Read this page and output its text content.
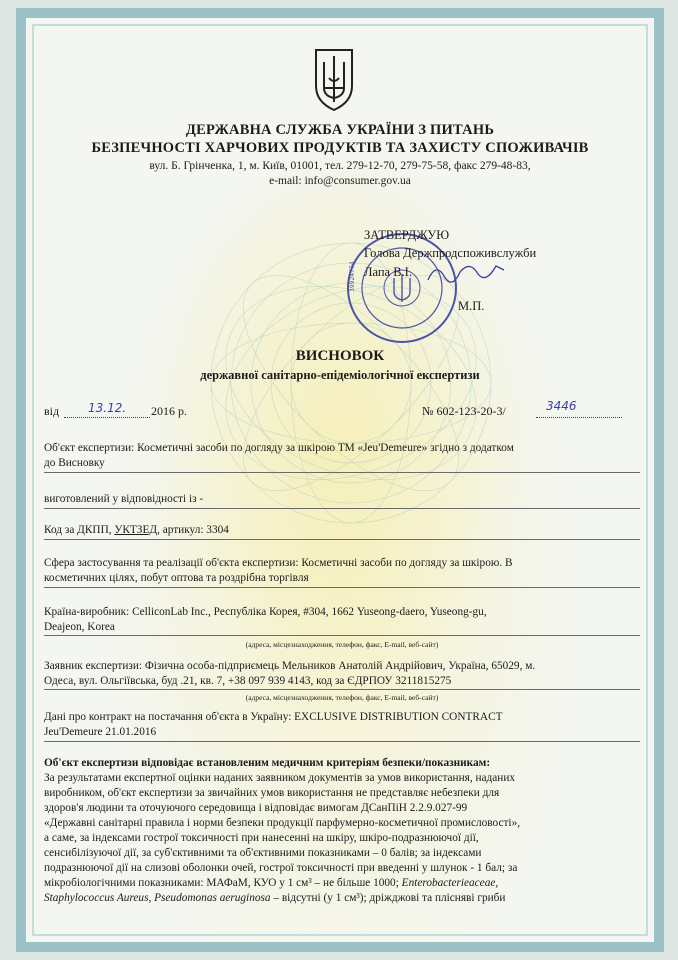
ДЕРЖАВНА СЛУЖБА УКРАЇНИ З ПИТАНЬ
БЕЗПЕЧНОСТІ ХАРЧОВИХ ПРОДУКТІВ ТА ЗАХИСТУ СПОЖИВАЧІВ
вул. Б. Грінченка, 1, м. Київ, 01001, тел. 279-12-70, 279-75-58, факс 279-48-83,
e-mail: info@consumer.gov.ua
39924774
ЗАТВЕРДЖУЮ
Голова Держпродспоживслужби
Лапа В.І.
М.П.
ВИСНОВОК
державної санітарно-епідеміологічної експертизи
від 13.12. 2016 р.	№ 602-123-20-3/	3446
Об'єкт експертизи: Косметичні засоби по догляду за шкірою ТМ «Jeu'Demeure» згідно з додатком
до Висновку
виготовлений у відповідності із -
Код за ДКПП, УКТЗЕД, артикул: 3304
Сфера застосування та реалізації об'єкта експертизи: Косметичні засоби по догляду за шкірою. В
косметичних цілях, побут оптова та роздрібна торгівля
Країна-виробник: CelliconLab Inc., Республіка Корея, #304, 1662 Yuseong-daero, Yuseong-gu,
Deajeon, Korea
(адреса, місцезнаходження, телефон, факс, E-mail, веб-сайт)
Заявник експертизи: Фізична особа-підприємець Мельников Анатолій Андрійович, Україна, 65029, м.
Одеса, вул. Ольгіївська, буд .21, кв. 7, +38 097 939 4143, код за ЄДРПОУ 3211815275
(адреса, місцезнаходження, телефон, факс, E-mail, веб-сайт)
Дані про контракт на постачання об'єкта в Україну: EXCLUSIVE DISTRIBUTION CONTRACT
Jeu'Demeure 21.01.2016
Об'єкт експертизи відповідає встановленим медичним критеріям безпеки/показникам:
За результатами експертної оцінки наданих заявником документів за умов використання, наданих
виробником, об'єкт експертизи за звичайних умов використання не представляє небезпеки для
здоров'я людини та оточуючого середовища і відповідає вимогам ДСанПіН 2.2.9.027-99
«Державні санітарні правила і норми безпеки продукції парфумерно-косметичної промисловості»,
а саме, за індексами гострої токсичності при нанесенні на шкіру, шкіро-подразнюючої дії,
сенсибілізуючої дії, за суб'єктивними та об'єктивними показниками – 0 балів; за індексами
подразнюючої дії на слизові оболонки очей, гострої токсичності при введенні у шлунок - 1 бал; за
мікробіологічними показниками: МАФаМ, КУО у 1 см³ – не більше 1000; Enterobacterieaceae,
Staphylococcus Aureus, Pseudomonas aeruginosa – відсутні (у 1 см³); дріжджові та плісняві гриби
